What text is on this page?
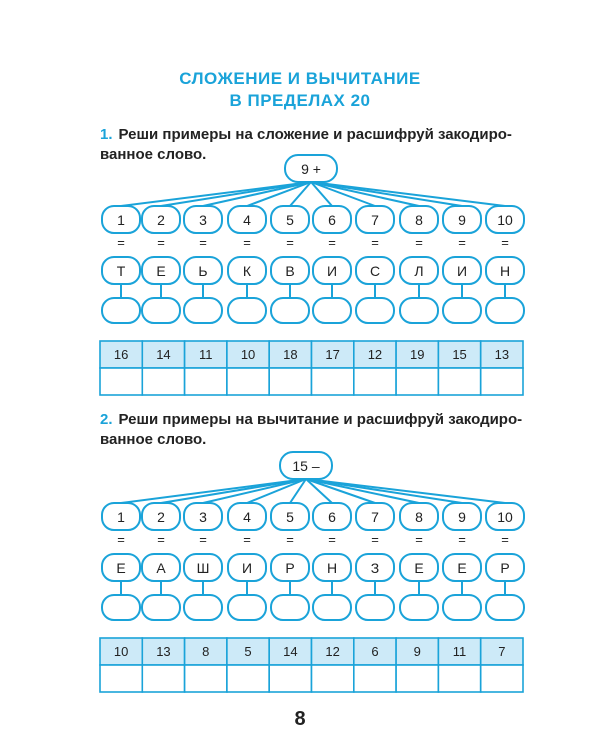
СЛОЖЕНИЕ И ВЫЧИТАНИЕ
В ПРЕДЕЛАХ 20
1. Реши примеры на сложение и расшифруй закодиро-
ванное слово.
2. Реши примеры на вычитание и расшифруй закодиро-
ванное слово.
9 +
1
=
Т
2
=
Е
3
=
Ь
4
=
К
5
=
В
6
=
И
7
=
С
8
=
Л
9
=
И
10
=
Н
16 14 11 10 18 17 12 19 15 13
15 –
1
=
Е
2
=
А
3
=
Ш
4
=
И
5
=
Р
6
=
Н
7
=
З
8
=
Е
9
=
Е
10
=
Р
10 13 8	5 14 12 6	9 11 7
8
